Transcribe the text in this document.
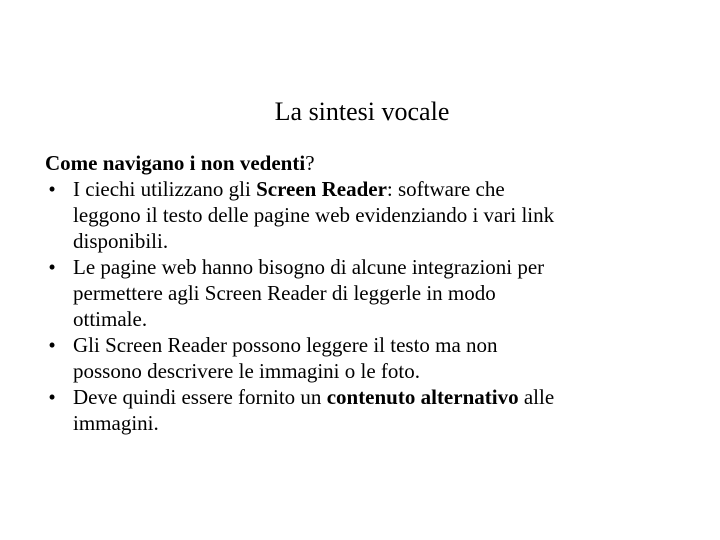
La sintesi vocale

Come navigano i non vedenti?

• I ciechi utilizzano gli Screen Reader: software che
leggono il testo delle pagine web evidenziando i vari link
disponibili.
• Le pagine web hanno bisogno di alcune integrazioni per
permettere agli Screen Reader di leggerle in modo
ottimale.
• Gli Screen Reader possono leggere il testo ma non
possono descrivere le immagini o le foto.
• Deve quindi essere fornito un contenuto alternativo alle
immagini.
